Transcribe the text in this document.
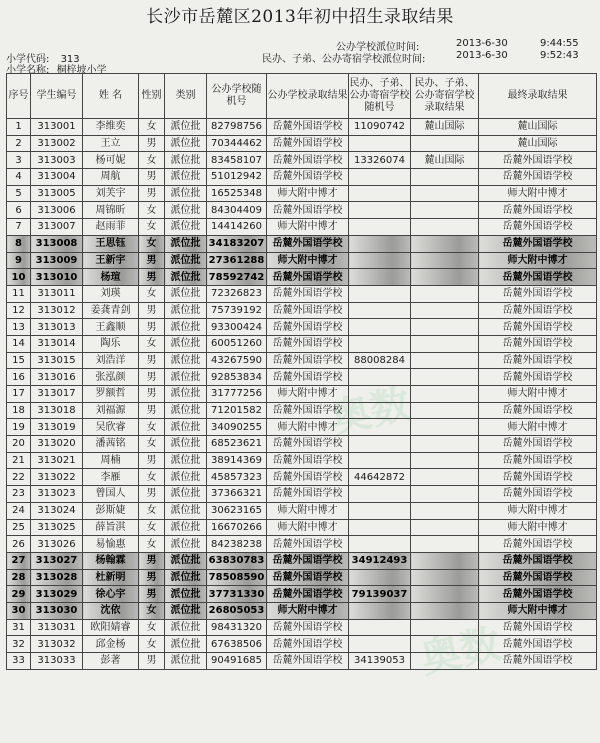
奥数
奥数
长沙市岳麓区2013年初中招生录取结果
小学代码: 313
小学名称: 桐梓坡小学
公办学校派位时间:	2013-6-30	9:44:55
民办、子弟、公办寄宿学校派位时间:	2013-6-30	9:52:43
序号	学生编号	姓 名	性别	类别	公办学校随机号	公办学校录取结果	民办、子弟、公办寄宿学校随机号	民办、子弟、公办寄宿学校录取结果	最终录取结果
1	313001	李维奕	女	派位批	82798756	岳麓外国语学校	11090742	麓山国际	麓山国际
2	313002	王立	男	派位批	70344462	岳麓外国语学校			麓山国际
3	313003	杨可妮	女	派位批	83458107	岳麓外国语学校	13326074	麓山国际	岳麓外国语学校
4	313004	周航	男	派位批	51012942	岳麓外国语学校			岳麓外国语学校
5	313005	刘芙宇	男	派位批	16525348	师大附中博才			师大附中博才
6	313006	周锦昕	女	派位批	84304409	岳麓外国语学校			岳麓外国语学校
7	313007	赵雨菲	女	派位批	14414260	师大附中博才			岳麓外国语学校
8	313008	王思钰	女	派位批	34183207	岳麓外国语学校			岳麓外国语学校
9	313009	王新宇	男	派位批	27361288	师大附中博才			师大附中博才
10	313010	杨瑄	男	派位批	78592742	岳麓外国语学校			岳麓外国语学校
11	313011	刘瑛	女	派位批	72326823	岳麓外国语学校			岳麓外国语学校
12	313012	姜龚青剑	男	派位批	75739192	岳麓外国语学校			岳麓外国语学校
13	313013	王鑫顺	男	派位批	93300424	岳麓外国语学校			岳麓外国语学校
14	313014	陶乐	女	派位批	60051260	岳麓外国语学校			岳麓外国语学校
15	313015	刘浩洋	男	派位批	43267590	岳麓外国语学校	88008284		岳麓外国语学校
16	313016	张泓颜	男	派位批	92853834	岳麓外国语学校			岳麓外国语学校
17	313017	罗额哲	男	派位批	31777256	师大附中博才			师大附中博才
18	313018	刘福源	男	派位批	71201582	岳麓外国语学校			岳麓外国语学校
19	313019	吴欣睿	女	派位批	34090255	师大附中博才			师大附中博才
20	313020	潘茜铭	女	派位批	68523621	岳麓外国语学校			岳麓外国语学校
21	313021	周楠	男	派位批	38914369	岳麓外国语学校			岳麓外国语学校
22	313022	李雁	女	派位批	45857323	岳麓外国语学校	44642872		岳麓外国语学校
23	313023	曾国人	男	派位批	37366321	岳麓外国语学校			岳麓外国语学校
24	313024	彭斯婕	女	派位批	30623165	师大附中博才			师大附中博才
25	313025	薛旨淇	女	派位批	16670266	师大附中博才			师大附中博才
26	313026	易愉惠	女	派位批	84238238	岳麓外国语学校			岳麓外国语学校
27	313027	杨翰霖	男	派位批	63830783	岳麓外国语学校	34912493		岳麓外国语学校
28	313028	杜新明	男	派位批	78508590	岳麓外国语学校			岳麓外国语学校
29	313029	徐心宇	男	派位批	37731330	岳麓外国语学校	79139037		岳麓外国语学校
30	313030	沈依	女	派位批	26805053	师大附中博才			师大附中博才
31	313031	欧阳婧睿	女	派位批	98431320	岳麓外国语学校			岳麓外国语学校
32	313032	邱金杨	女	派位批	67638506	岳麓外国语学校			岳麓外国语学校
33	313033	彭著	男	派位批	90491685	岳麓外国语学校	34139053		岳麓外国语学校
